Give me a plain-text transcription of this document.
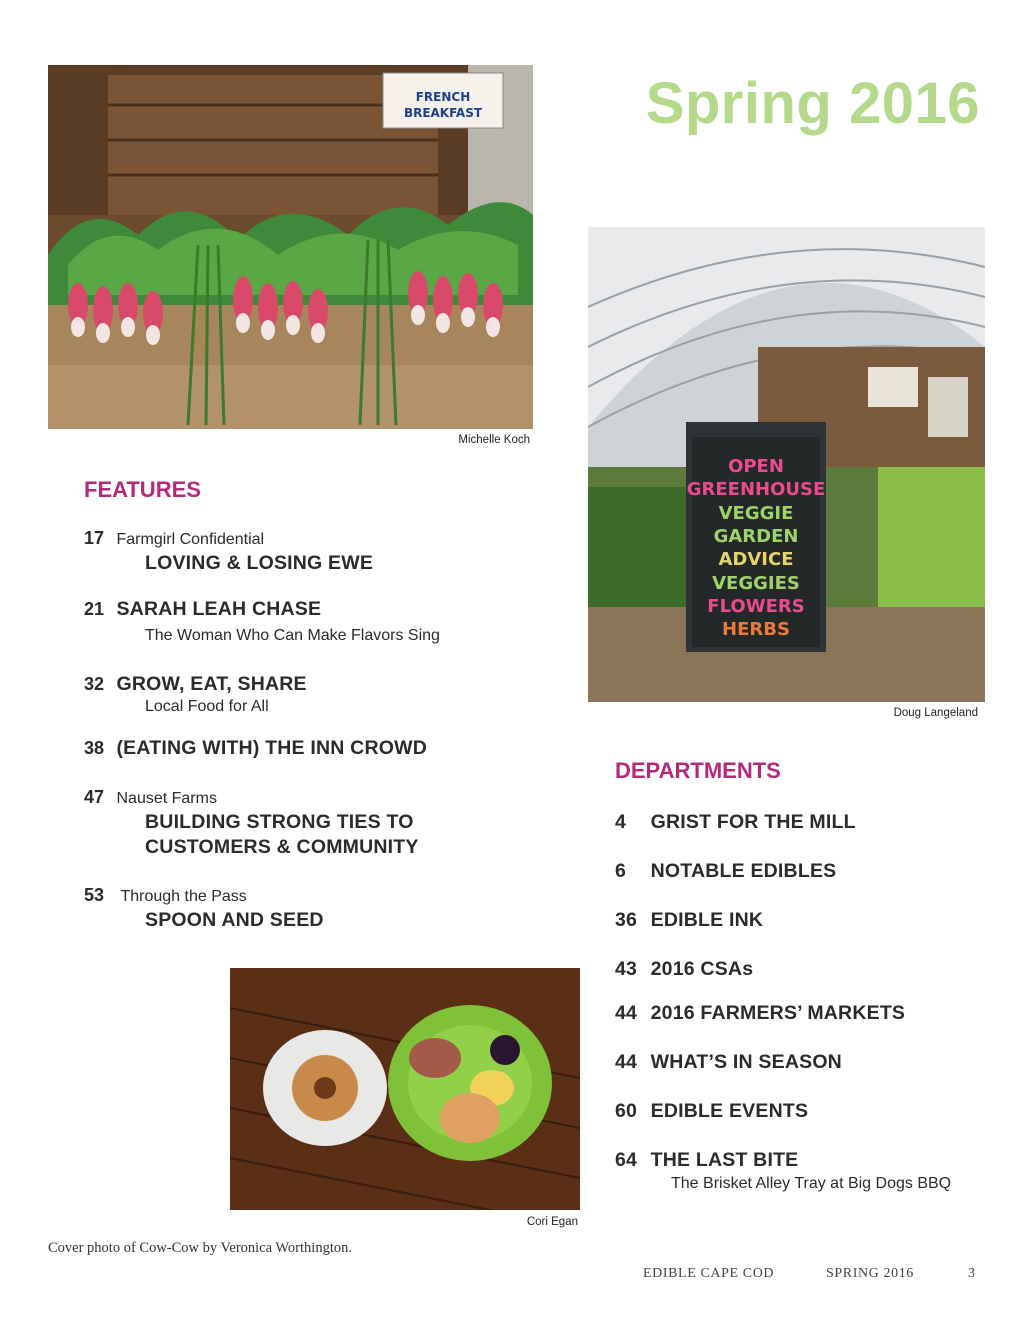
Spring 2016
FRENCH
BREAKFAST
Michelle Koch
OPEN
GREENHOUSE
VEGGIE
GARDEN
ADVICE
VEGGIES
FLOWERS
HERBS
Doug Langeland
Cori Egan
FEATURES
17 Farmgirl Confidential
LOVING & LOSING EWE
21 SARAH LEAH CHASE
The Woman Who Can Make Flavors Sing
32 GROW, EAT, SHARE
Local Food for All
38 (EATING WITH) THE INN CROWD
47 Nauset Farms
BUILDING STRONG TIES TO
CUSTOMERS & COMMUNITY
53 Through the Pass
SPOON AND SEED
DEPARTMENTS
4 GRIST FOR THE MILL
6 NOTABLE EDIBLES
36 EDIBLE INK
43 2016 CSAs
44 2016 FARMERS’ MARKETS
44 WHAT’S IN SEASON
60 EDIBLE EVENTS
64 THE LAST BITE
The Brisket Alley Tray at Big Dogs BBQ
Cover photo of Cow-Cow by Veronica Worthington.
EDIBLE CAPE COD	SPRING 2016	3
